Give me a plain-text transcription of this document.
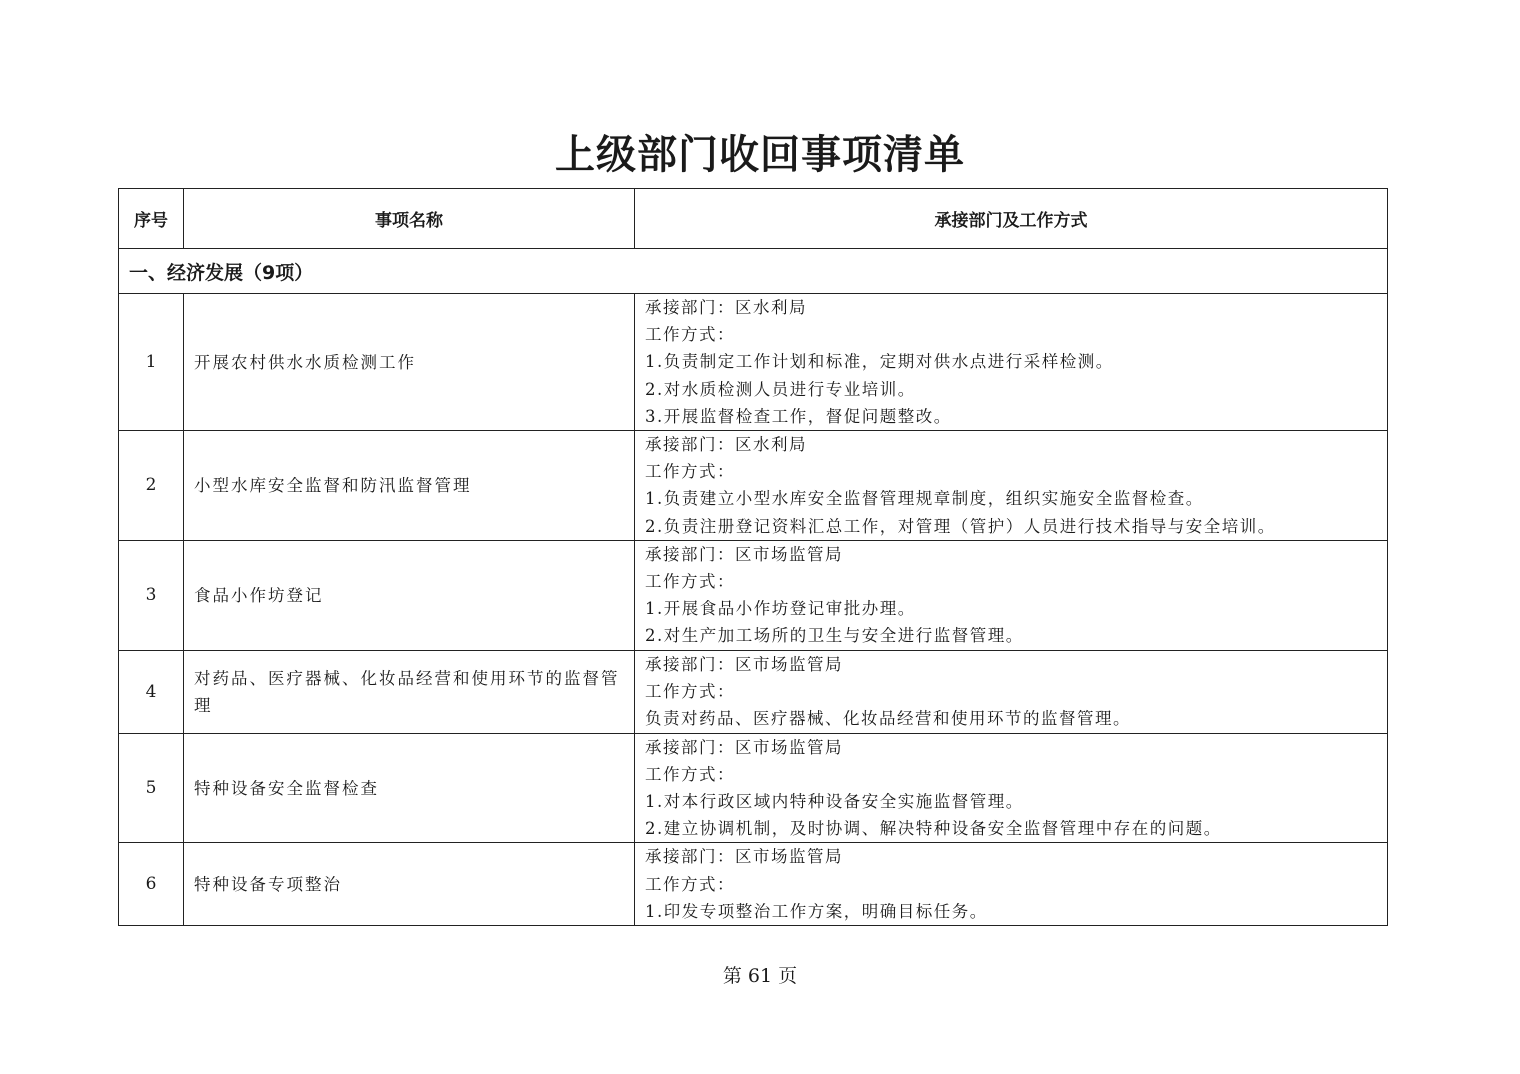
上级部门收回事项清单
序号	事项名称	承接部门及工作方式
一、经济发展（9项）		
1	开展农村供水水质检测工作	承接部门：区水利局
工作方式：
1.负责制定工作计划和标准，定期对供水点进行采样检测。
2.对水质检测人员进行专业培训。
3.开展监督检查工作，督促问题整改。

2	小型水库安全监督和防汛监督管理	承接部门：区水利局
工作方式：
1.负责建立小型水库安全监督管理规章制度，组织实施安全监督检查。
2.负责注册登记资料汇总工作，对管理（管护）人员进行技术指导与安全培训。

3	食品小作坊登记	承接部门：区市场监管局
工作方式：
1.开展食品小作坊登记审批办理。
2.对生产加工场所的卫生与安全进行监督管理。

4	对药品、医疗器械、化妆品经营和使用环节的监督管理	承接部门：区市场监管局
工作方式：
负责对药品、医疗器械、化妆品经营和使用环节的监督管理。

5	特种设备安全监督检查	承接部门：区市场监管局
工作方式：
1.对本行政区域内特种设备安全实施监督管理。
2.建立协调机制，及时协调、解决特种设备安全监督管理中存在的问题。

6	特种设备专项整治	承接部门：区市场监管局
工作方式：
1.印发专项整治工作方案，明确目标任务。
第 61 页
